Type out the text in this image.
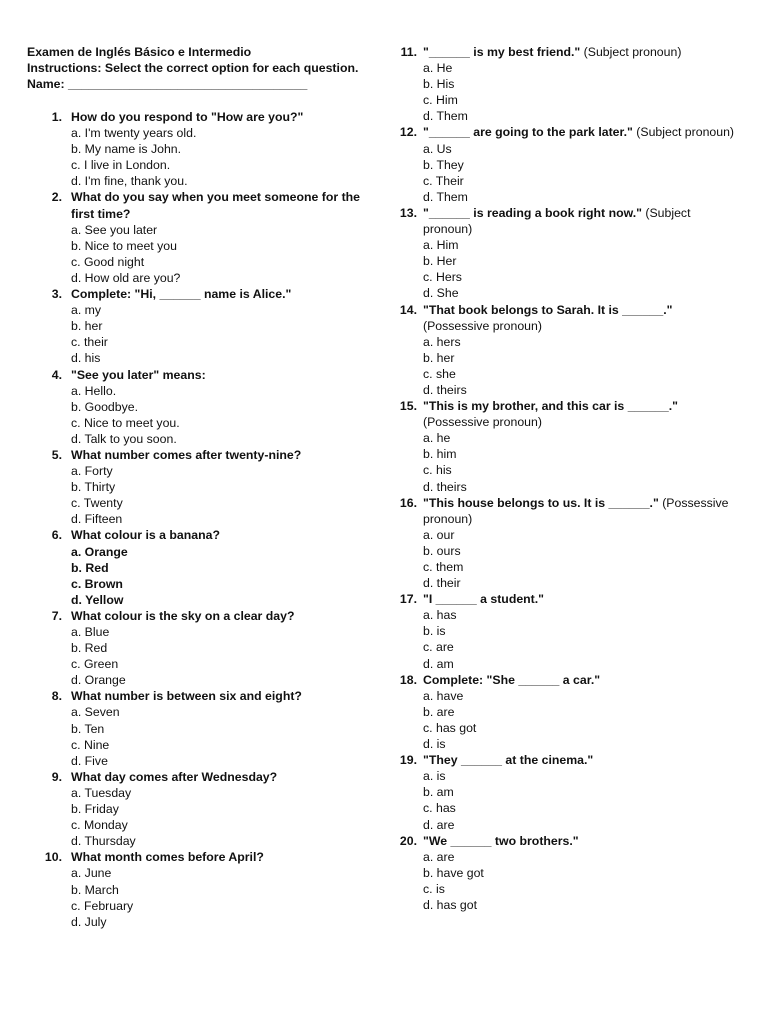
Examen de Inglés Básico e Intermedio
Instructions: Select the correct option for each question.
Name: ___________________________________
1. How do you respond to "How are you?"
a. I'm twenty years old.
b. My name is John.
c. I live in London.
d. I'm fine, thank you.
2. What do you say when you meet someone for the first time?
a. See you later
b. Nice to meet you
c. Good night
d. How old are you?
3. Complete: "Hi, ______ name is Alice."
a. my
b. her
c. their
d. his
4. "See you later" means:
a. Hello.
b. Goodbye.
c. Nice to meet you.
d. Talk to you soon.
5. What number comes after twenty-nine?
a. Forty
b. Thirty
c. Twenty
d. Fifteen
6. What colour is a banana?
a. Orange
b. Red
c. Brown
d. Yellow
7. What colour is the sky on a clear day?
a. Blue
b. Red
c. Green
d. Orange
8. What number is between six and eight?
a. Seven
b. Ten
c. Nine
d. Five
9. What day comes after Wednesday?
a. Tuesday
b. Friday
c. Monday
d. Thursday
10. What month comes before April?
a. June
b. March
c. February
d. July
11. "______ is my best friend." (Subject pronoun)
a. He
b. His
c. Him
d. Them
12. "______ are going to the park later." (Subject pronoun)
a. Us
b. They
c. Their
d. Them
13. "______ is reading a book right now." (Subject pronoun)
a. Him
b. Her
c. Hers
d. She
14. "That book belongs to Sarah. It is ______." (Possessive pronoun)
a. hers
b. her
c. she
d. theirs
15. "This is my brother, and this car is ______." (Possessive pronoun)
a. he
b. him
c. his
d. theirs
16. "This house belongs to us. It is ______." (Possessive pronoun)
a. our
b. ours
c. them
d. their
17. "I ______ a student."
a. has
b. is
c. are
d. am
18. Complete: "She ______ a car."
a. have
b. are
c. has got
d. is
19. "They ______ at the cinema."
a. is
b. am
c. has
d. are
20. "We ______ two brothers."
a. are
b. have got
c. is
d. has got
